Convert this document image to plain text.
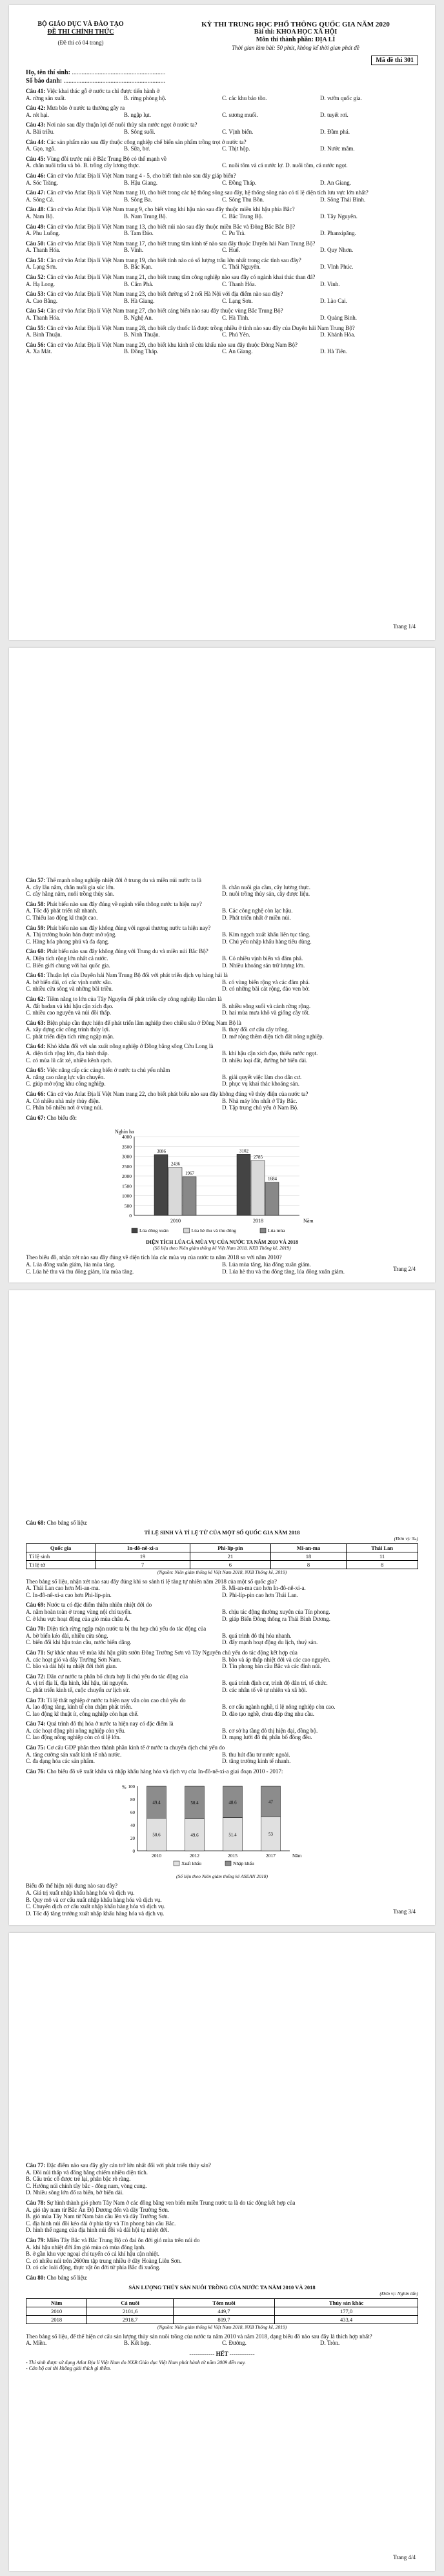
BỘ GIÁO DỤC VÀ ĐÀO TẠO
ĐỀ THI CHÍNH THỨC
(Đề thi có 04 trang)
KỲ THI TRUNG HỌC PHỔ THÔNG QUỐC GIA NĂM 2020
Bài thi: KHOA HỌC XÃ HỘI
Môn thi thành phần: ĐỊA LÍ
Thời gian làm bài: 50 phút, không kể thời gian phát đề
Mã đề thi 301
Họ, tên thí sinh: ..........................................................
Số báo danh: ...............................................................
Câu 41: Việc khai thác gỗ ở nước ta chỉ được tiến hành ở
A. rừng sản xuất.	B. rừng phòng hộ.	C. các khu bảo tồn.	D. vườn quốc gia.
Câu 42: Mưa bão ở nước ta thường gây ra
A. rét hại.	B. ngập lụt.	C. sương muối.	D. tuyết rơi.
Câu 43: Nơi nào sau đây thuận lợi để nuôi thủy sản nước ngọt ở nước ta?
A. Bãi triều.	B. Sông suối.	C. Vịnh biển.	D. Đầm phá.
Câu 44: Các sản phẩm nào sau đây thuộc công nghiệp chế biến sản phẩm trồng trọt ở nước ta?
A. Gạo, ngô.	B. Sữa, bơ.	C. Thịt hộp.	D. Nước mắm.
Câu 45: Vùng đồi trước núi ở Bắc Trung Bộ có thế mạnh về
A. chăn nuôi trâu và bò. B. trồng cây lương thực.	C. nuôi tôm và cá nước lợ. D. nuôi tôm, cá nước ngọt.
Câu 46: Căn cứ vào Atlat Địa lí Việt Nam trang 4 - 5, cho biết tỉnh nào sau đây giáp biển?
A. Sóc Trăng.	B. Hậu Giang.	C. Đồng Tháp.	D. An Giang.
Câu 47: Căn cứ vào Atlat Địa lí Việt Nam trang 10, cho biết trong các hệ thống sông sau đây, hệ thống sông nào có tỉ lệ diện tích lưu vực lớn nhất?
A. Sông Cả.	B. Sông Ba.	C. Sông Thu Bồn.	D. Sông Thái Bình.
Câu 48: Căn cứ vào Atlat Địa lí Việt Nam trang 9, cho biết vùng khí hậu nào sau đây thuộc miền khí hậu phía Bắc?
A. Nam Bộ.	B. Nam Trung Bộ.	C. Bắc Trung Bộ.	D. Tây Nguyên.
Câu 49: Căn cứ vào Atlat Địa lí Việt Nam trang 13, cho biết núi nào sau đây thuộc miền Bắc và Đông Bắc Bắc Bộ?
A. Phu Luông.	B. Tam Đảo.	C. Pu Trà.	D. Phanxipăng.
Câu 50: Căn cứ vào Atlat Địa lí Việt Nam trang 17, cho biết trung tâm kinh tế nào sau đây thuộc Duyên hải Nam Trung Bộ?
A. Thanh Hóa.	B. Vinh.	C. Huế.	D. Quy Nhơn.
Câu 51: Căn cứ vào Atlat Địa lí Việt Nam trang 19, cho biết tỉnh nào có số lượng trâu lớn nhất trong các tỉnh sau đây?
A. Lạng Sơn.	B. Bắc Kạn.	C. Thái Nguyên.	D. Vĩnh Phúc.
Câu 52: Căn cứ vào Atlat Địa lí Việt Nam trang 21, cho biết trung tâm công nghiệp nào sau đây có ngành khai thác than đá?
A. Hạ Long.	B. Cẩm Phả.	C. Thanh Hóa.	D. Vinh.
Câu 53: Căn cứ vào Atlat Địa lí Việt Nam trang 23, cho biết đường số 2 nối Hà Nội với địa điểm nào sau đây?
A. Cao Bằng.	B. Hà Giang.	C. Lạng Sơn.	D. Lào Cai.
Câu 54: Căn cứ vào Atlat Địa lí Việt Nam trang 27, cho biết cảng biển nào sau đây thuộc vùng Bắc Trung Bộ?
A. Thanh Hóa.	B. Nghệ An.	C. Hà Tĩnh.	D. Quảng Bình.
Câu 55: Căn cứ vào Atlat Địa lí Việt Nam trang 28, cho biết cây thuốc lá được trồng nhiều ở tỉnh nào sau đây của Duyên hải Nam Trung Bộ?
A. Bình Thuận.	B. Ninh Thuận.	C. Phú Yên.	D. Khánh Hòa.
Câu 56: Căn cứ vào Atlat Địa lí Việt Nam trang 29, cho biết khu kinh tế cửa khẩu nào sau đây thuộc Đông Nam Bộ?
A. Xa Mát.	B. Đồng Tháp.	C. An Giang.	D. Hà Tiên.
Trang 1/4
Câu 57: Thế mạnh nông nghiệp nhiệt đới ở trung du và miền núi nước ta là
A. cây lâu năm, chăn nuôi gia súc lớn.	B. chăn nuôi gia cầm, cây lương thực.
C. cây hằng năm, nuôi trồng thủy sản.	D. nuôi trồng thủy sản, cây được liệu.
Câu 58: Phát biểu nào sau đây đúng về ngành viễn thông nước ta hiện nay?
A. Tốc độ phát triển rất nhanh.	B. Các công nghệ còn lạc hậu.
C. Thiếu lao động kĩ thuật cao.	D. Phát triển nhất ở miền núi.
Câu 59: Phát biểu nào sau đây không đúng với ngoại thương nước ta hiện nay?
A. Thị trường buôn bán được mở rộng.	B. Kim ngạch xuất khẩu liên tục tăng.
C. Hàng hóa phong phú và đa dạng.	D. Chủ yếu nhập khẩu hàng tiêu dùng.
Câu 60: Phát biểu nào sau đây không đúng với Trung du và miền núi Bắc Bộ?
A. Diện tích rộng lớn nhất cả nước.	B. Có nhiều vịnh biển và đảm phá.
C. Biên giới chung với hai quốc gia.	D. Nhiều khoáng sản trữ lượng lớn.
Câu 61: Thuận lợi của Duyên hải Nam Trung Bộ đối với phát triển dịch vụ hàng hải là
A. bờ biển dài, có các vịnh nước sâu.	B. có vùng biển rộng và các đảm phá.
C. nhiều cửa sông và những bãi triều.	D. có những bãi cát rộng, đảo ven bờ.
Câu 62: Tiềm năng to lớn của Tây Nguyên để phát triển cây công nghiệp lâu năm là
A. đất badan và khí hậu cận xích đạo.	B. nhiều sông suối và cảnh rừng rộng.
C. nhiều cao nguyên và núi đồi thấp.	D. hai mùa mưa khô và giống cây tốt.
Câu 63: Biện pháp cần thực hiện để phát triển lâm nghiệp theo chiều sâu ở Đông Nam Bộ là
A. xây dựng các công trình thủy lợi.	B. thay đổi cơ cấu cây trồng.
C. phát triển diện tích rừng ngập mặn.	D. mở rộng thêm diện tích đất nông nghiệp.
Câu 64: Khó khăn đối với sản xuất nông nghiệp ở Đồng bằng sông Cửu Long là
A. diện tích rộng lớn, địa hình thấp.	B. khí hậu cận xích đạo, thiếu nước ngọt.
C. có mùa lũ cắt xẻ, nhiều kênh rạch.	D. nhiều loại đất, đường bờ biển dài.
Câu 65: Việc nâng cấp các cảng biển ở nước ta chủ yếu nhằm
A. nâng cao năng lực vận chuyển.	B. giải quyết việc làm cho dân cư.
C. giúp mở rộng khu công nghiệp.	D. phục vụ khai thác khoáng sản.
Câu 66: Căn cứ vào Atlat Địa lí Việt Nam trang 22, cho biết phát biểu nào sau đây không đúng về thủy điện của nước ta?
A. Có nhiều nhà máy thủy điện.	B. Nhà máy lớn nhất ở Tây Bắc.
C. Phân bố nhiều nơi ở vùng núi.	D. Tập trung chủ yếu ở Nam Bộ.
Câu 67: Cho biểu đồ:
Nghìn ha
0
500
1000
1500
2000
2500
3000
3500
4000
3086
2436
1967
2010
3102
2785
1684
2018	Năm
Lúa đông xuân	Lúa hè thu và thu đông	Lúa mùa
DIỆN TÍCH LÚA CẢ MÙA VỤ CỦA NƯỚC TA NĂM 2010 VÀ 2018
(Số liệu theo Niên giám thống kê Việt Nam 2018, NXB Thống kê, 2019)
Theo biểu đồ, nhận xét nào sau đây đúng về diện tích lúa các mùa vụ của nước ta năm 2018 so với năm 2010?
A. Lúa đông xuân giảm, lúa mùa tăng.	B. Lúa mùa tăng, lúa đông xuân giảm.
C. Lúa hè thu và thu đông giảm, lúa mùa tăng.	D. Lúa hè thu và thu đông tăng, lúa đông xuân giảm.	Trang 2/4
Câu 68: Cho bảng số liệu:
TỈ LỆ SINH VÀ TỈ LỆ TỬ CỦA MỘT SỐ QUỐC GIA NĂM 2018
(Đơn vị: ‰)
Quốc gia	In-đô-nê-xi-a	Phi-líp-pin	Mi-an-ma	Thái Lan
Tỉ lệ sinh	19	21	18	11
Tỉ lệ tử	7	6	8	8
(Nguồn: Niên giám thống kê Việt Nam 2018, NXB Thống kê, 2019)
Theo bảng số liệu, nhận xét nào sau đây đúng khi so sánh tỉ lệ tăng tự nhiên năm 2018 của một số quốc gia?
A. Thái Lan cao hơn Mi-an-ma.	B. Mi-an-ma cao hơn In-đô-nê-xi-a.
C. In-đô-nê-xi-a cao hơn Phi-líp-pin.	D. Phi-líp-pin cao hơn Thái Lan.
Câu 69: Nước ta có đặc điểm thiên nhiên nhiệt đới do
A. nằm hoàn toàn ở trong vùng nội chí tuyến.	B. chịu tác động thường xuyên của Tín phong.
C. ở khu vực hoạt động của gió mùa châu Á.	D. giáp Biển Đông thông ra Thái Bình Dương.
Câu 70: Diện tích rừng ngập mặn nước ta bị thu hẹp chủ yếu do tác động của
A. bờ biển kéo dài, nhiều cửa sông.	B. quá trình đô thị hóa nhanh.
C. biến đổi khí hậu toàn cầu, nước biển dâng.	D. đẩy mạnh hoạt động du lịch, thuỷ sản.
Câu 71: Sự khác nhau về mùa khí hậu giữa sườn Đông Trường Sơn và Tây Nguyên chủ yếu do tác động kết hợp của
A. các hoạt gió và dãy Trường Sơn Nam.	B. bão và áp thấp nhiệt đới và các cao nguyên.
C. bão và dải hội tụ nhiệt đới thời gian.	D. Tín phong bán cầu Bắc và các đỉnh núi.
Câu 72: Dân cư nước ta phân bố chưa hợp lí chủ yếu do tác động của
A. vị trí địa lí, địa hình, khí hậu, tài nguyên.	B. quá trình định cư, trình độ dân trí, tổ chức.
C. phát triển kinh tế, cuộc chuyển cư lịch sử.	D. các nhân tố về tự nhiên và xã hội.
Câu 73: Tỉ lệ thất nghiệp ở nước ta hiện nay vẫn còn cao chủ yếu do
A. lao động tăng, kinh tế còn chậm phát triển.	B. cơ cấu ngành nghề, tỉ lệ nông nghiệp còn cao.
C. lao động kĩ thuật ít, công nghiệp còn hạn chế.	D. đào tạo nghề, chưa đáp ứng nhu cầu.
Câu 74: Quá trình đô thị hóa ở nước ta hiện nay có đặc điểm là
A. các hoạt động phi nông nghiệp còn yếu.	B. cơ sở hạ tầng đô thị hiện đại, đồng bộ.
C. lao động nông nghiệp còn có tỉ lệ lớn.	D. mạng lưới đô thị phân bố đồng đều.
Câu 75: Cơ cấu GDP phân theo thành phần kinh tế ở nước ta chuyển dịch chủ yếu do
A. tăng cường sản xuất kinh tế nhà nước.	B. thu hút đầu tư nước ngoài.
C. đa dạng hóa các sản phẩm.	D. tăng trưởng kinh tế nhanh.
Câu 76: Cho biểu đồ về xuất khẩu và nhập khẩu hàng hóa và dịch vụ của In-đô-nê-xi-a giai đoạn 2010 - 2017:
%
0
20
40
60
80
100
50.6
49.4
2010
49.6
50.4
2012
51.4
48.6
2015
53
47
2017	Năm
Xuất khẩu	Nhập khẩu
(Số liệu theo Niên giám thống kê ASEAN 2018)
Biểu đồ thể hiện nội dung nào sau đây?
A. Giá trị xuất nhập khẩu hàng hóa và dịch vụ.
B. Quy mô và cơ cấu xuất nhập khẩu hàng hóa và dịch vụ.
C. Chuyển dịch cơ cấu xuất nhập khẩu hàng hóa và dịch vụ.
D. Tốc độ tăng trưởng xuất nhập khẩu hàng hóa và dịch vụ.	Trang 3/4
Câu 77: Đặc điểm nào sau đây gây cản trở lớn nhất đối với phát triển thủy sản?
A. Đồi núi thấp và đồng bằng chiếm nhiều diện tích.
B. Cấu trúc cổ được trẻ lại, phân bậc rõ ràng.
C. Hướng núi chính tây bắc - đông nam, vòng cung.
D. Nhiều sông lớn đổ ra biển, bờ biển dài.
Câu 78: Sự hình thành gió phơn Tây Nam ở các đồng bằng ven biển miền Trung nước ta là do tác động kết hợp của
A. gió tây nam từ Bắc Ấn Độ Dương đến và dãy Trường Sơn.
B. gió mùa Tây Nam từ Nam bán cầu lên và dãy Trường Sơn.
C. địa hình núi đồi kéo dài ở phía tây và Tín phong bán cầu Bắc.
D. hình thế ngang của địa hình núi đồi và dải hội tụ nhiệt đới.
Câu 79: Miền Tây Bắc và Bắc Trung Bộ có đai ôn đới gió mùa trên núi do
A. khí hậu nhiệt đới ẩm gió mùa có mùa đông lạnh.
B. ở gần khu vực ngoại chí tuyến có cả khí hậu cận nhiệt.
C. có nhiều núi trên 2600m tập trung nhiều ở dãy Hoàng Liên Sơn.
D. có các loài động, thực vật ôn đới từ phía Bắc đi xuống.
Câu 80: Cho bảng số liệu:
SẢN LƯỢNG THỦY SẢN NUÔI TRỒNG CỦA NƯỚC TA NĂM 2010 VÀ 2018
(Đơn vị: Nghìn tấn)
Năm	Cá nuôi	Tôm nuôi	Thủy sản khác
2010	2101,6	449,7	177,0
2018	2918,7	809,7	433,4
(Nguồn: Niên giám thống kê Việt Nam 2018, NXB Thống kê, 2019)
Theo bảng số liệu, để thể hiện cơ cấu sản lượng thủy sản nuôi trồng của nước ta năm 2010 và năm 2018, dạng biểu đồ nào sau đây là thích hợp nhất?
A. Miền.	B. Kết hợp.	C. Đường.	D. Tròn.
------------- HẾT -------------
- Thí sinh được sử dụng Atlat Địa lí Việt Nam do NXB Giáo dục Việt Nam phát hành từ năm 2009 đến nay.
- Cán bộ coi thi không giải thích gì thêm.
Trang 4/4
